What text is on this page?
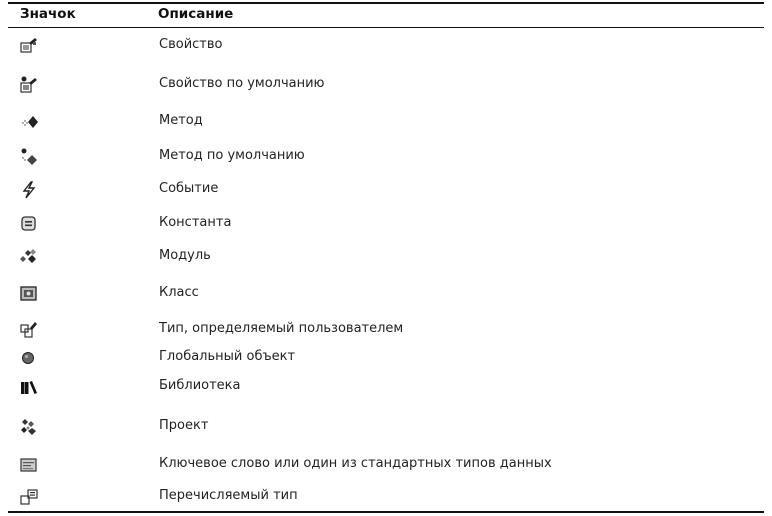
Значок	Описание
Свойство
Свойство по умолчанию
Метод
Метод по умолчанию
Событие
Константа
Модуль
Класс
Тип, определяемый пользователем
Глобальный объект
Библиотека
Проект
Ключевое слово или один из стандартных типов данных
Перечисляемый тип
